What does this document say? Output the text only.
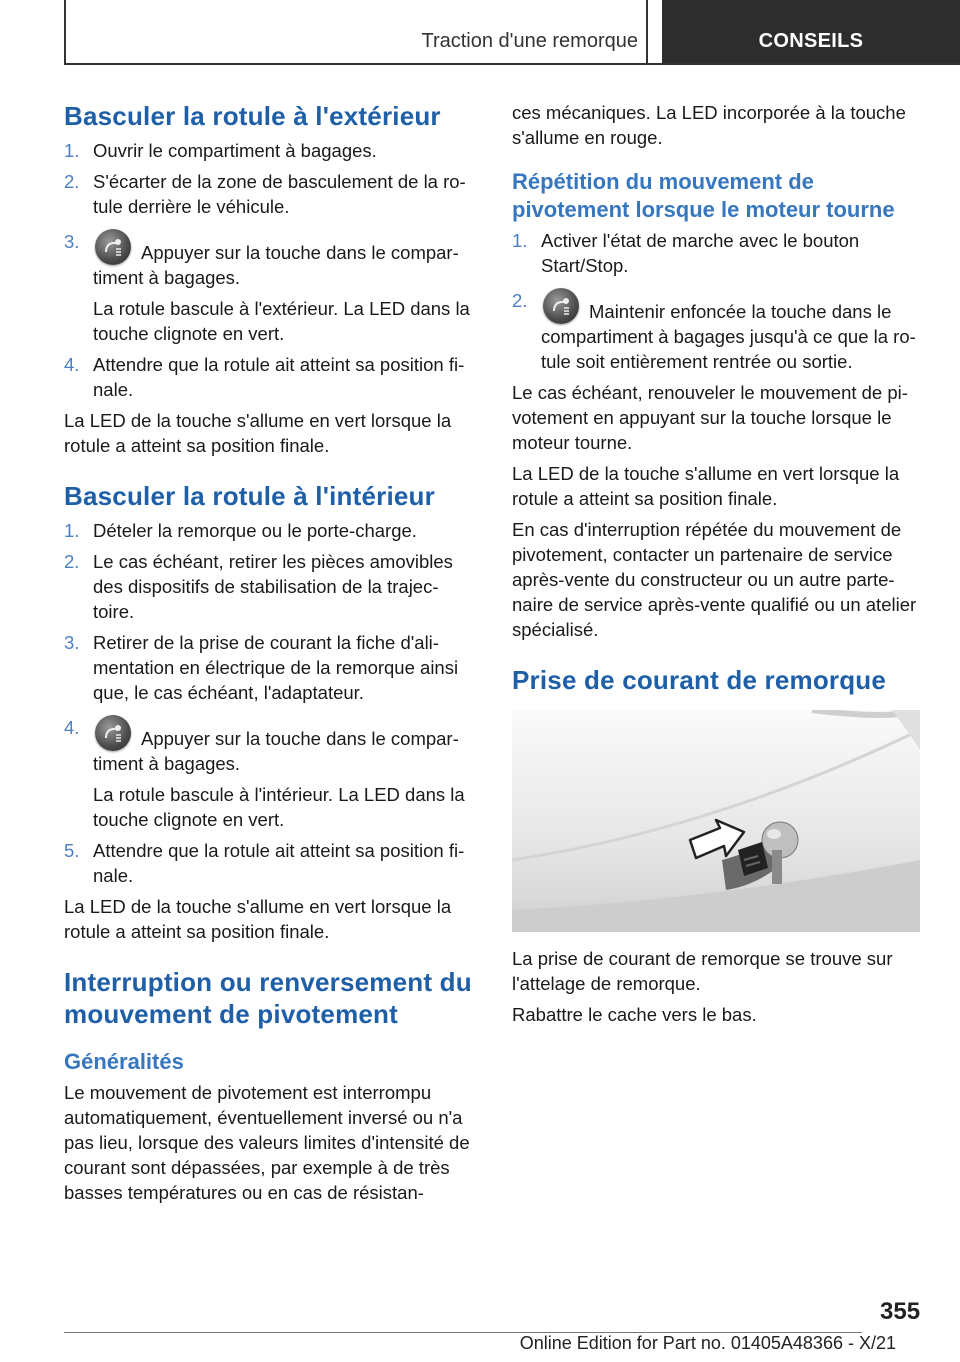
Traction d'une remorque	CONSEILS
Basculer la rotule à l'extérieur
1. Ouvrir le compartiment à bagages.
2. S'écarter de la zone de basculement de la ro‐tule derrière le véhicule.
3.
Appuyer sur la touche dans le compar‐timent à bagages.

La rotule bascule à l'extérieur. La LED dans la touche clignote en vert.

4. Attendre que la rotule ait atteint sa position fi‐nale.

La LED de la touche s'allume en vert lorsque la rotule a atteint sa position finale.

Basculer la rotule à l'intérieur
1. Dételer la remorque ou le porte-charge.
2. Le cas échéant, retirer les pièces amovibles des dispositifs de stabilisation de la trajec‐toire.
3. Retirer de la prise de courant la fiche d'ali‐mentation en électrique de la remorque ainsi que, le cas échéant, l'adaptateur.
4.
Appuyer sur la touche dans le compar‐timent à bagages.

La rotule bascule à l'intérieur. La LED dans la touche clignote en vert.

5. Attendre que la rotule ait atteint sa position fi‐nale.

La LED de la touche s'allume en vert lorsque la rotule a atteint sa position finale.

Interruption ou renversement du mouvement de pivotement
Généralités

Le mouvement de pivotement est interrompu automatiquement, éventuellement inversé ou n'a pas lieu, lorsque des valeurs limites d'intensité de courant sont dépassées, par exemple à de très basses températures ou en cas de résistan‐

ces mécaniques. La LED incorporée à la touche s'allume en rouge.

Répétition du mouvement de pivotement lorsque le moteur tourne
1. Activer l'état de marche avec le bouton Start/Stop.
2.
Maintenir enfoncée la touche dans le compartiment à bagages jusqu'à ce que la ro‐tule soit entièrement rentrée ou sortie.

Le cas échéant, renouveler le mouvement de pi‐votement en appuyant sur la touche lorsque le moteur tourne.

La LED de la touche s'allume en vert lorsque la rotule a atteint sa position finale.

En cas d'interruption répétée du mouvement de pivotement, contacter un partenaire de service après-vente du constructeur ou un autre parte‐naire de service après-vente qualifié ou un atelier spécialisé.

Prise de courant de remorque

La prise de courant de remorque se trouve sur l'attelage de remorque.

Rabattre le cache vers le bas.

355
Online Edition for Part no. 01405A48366 - X/21
